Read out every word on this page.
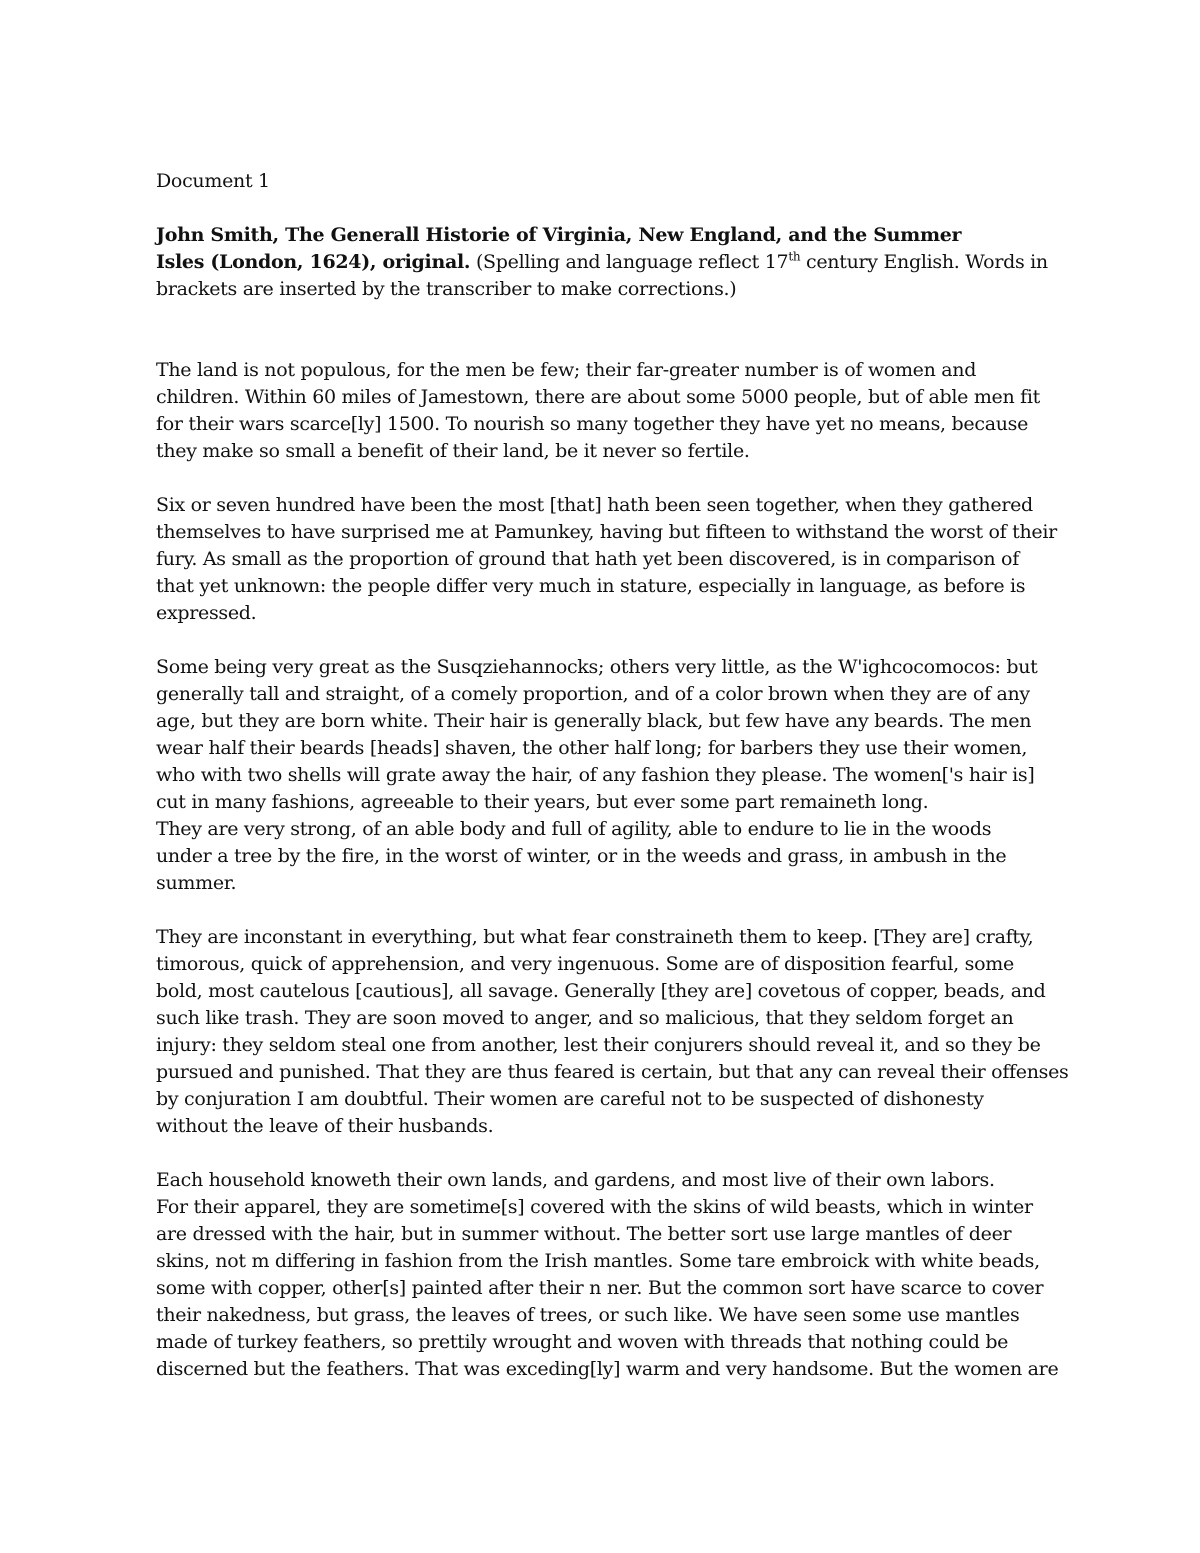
Document 1
John Smith, The Generall Historie of Virginia, New England, and the Summer
Isles (London, 1624), original. (Spelling and language reflect 17th century English. Words in
brackets are inserted by the transcriber to make corrections.)
The land is not populous, for the men be few; their far-greater number is of women and
children. Within 60 miles of Jamestown, there are about some 5000 people, but of able men fit
for their wars scarce[ly] 1500. To nourish so many together they have yet no means, because
they make so small a benefit of their land, be it never so fertile.
Six or seven hundred have been the most [that] hath been seen together, when they gathered
themselves to have surprised me at Pamunkey, having but fifteen to withstand the worst of their
fury. As small as the proportion of ground that hath yet been discovered, is in comparison of
that yet unknown: the people differ very much in stature, especially in language, as before is
expressed.
Some being very great as the Susqziehannocks; others very little, as the W'ighcocomocos: but
generally tall and straight, of a comely proportion, and of a color brown when they are of any
age, but they are born white. Their hair is generally black, but few have any beards. The men
wear half their beards [heads] shaven, the other half long; for barbers they use their women,
who with two shells will grate away the hair, of any fashion they please. The women['s hair is]
cut in many fashions, agreeable to their years, but ever some part remaineth long.
They are very strong, of an able body and full of agility, able to endure to lie in the woods
under a tree by the fire, in the worst of winter, or in the weeds and grass, in ambush in the
summer.
They are inconstant in everything, but what fear constraineth them to keep. [They are] crafty,
timorous, quick of apprehension, and very ingenuous. Some are of disposition fearful, some
bold, most cautelous [cautious], all savage. Generally [they are] covetous of copper, beads, and
such like trash. They are soon moved to anger, and so malicious, that they seldom forget an
injury: they seldom steal one from another, lest their conjurers should reveal it, and so they be
pursued and punished. That they are thus feared is certain, but that any can reveal their offenses
by conjuration I am doubtful. Their women are careful not to be suspected of dishonesty
without the leave of their husbands.
Each household knoweth their own lands, and gardens, and most live of their own labors.
For their apparel, they are sometime[s] covered with the skins of wild beasts, which in winter
are dressed with the hair, but in summer without. The better sort use large mantles of deer
skins, not m differing in fashion from the Irish mantles. Some tare embroick with white beads,
some with copper, other[s] painted after their n ner. But the common sort have scarce to cover
their nakedness, but grass, the leaves of trees, or such like. We have seen some use mantles
made of turkey feathers, so prettily wrought and woven with threads that nothing could be
discerned but the feathers. That was exceding[ly] warm and very handsome. But the women are
